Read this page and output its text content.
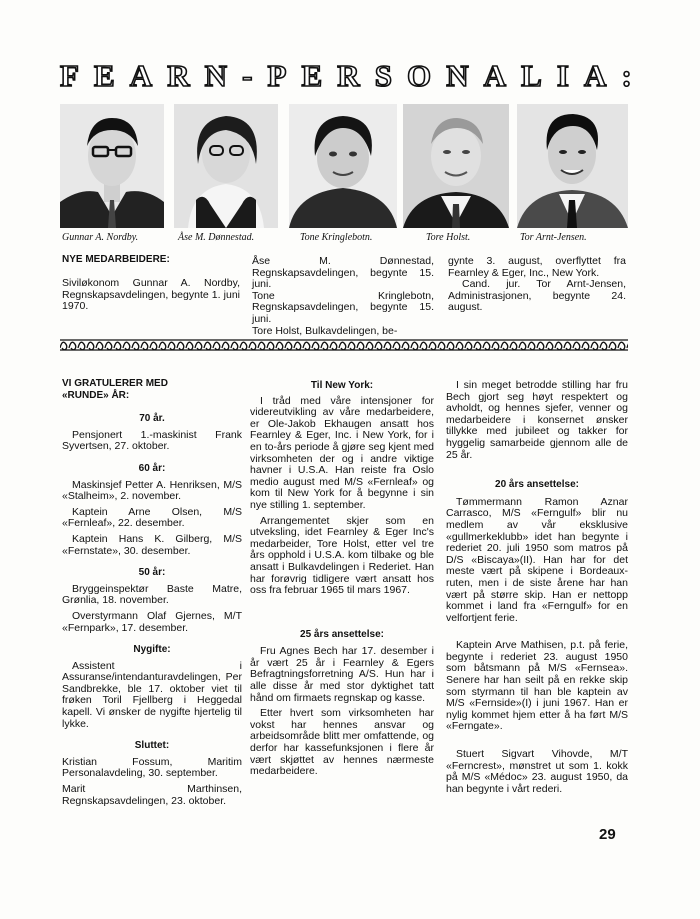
F E A R N - P E R S O N A L I A :
Gunnar A. Nordby.	Åse M. Dønnestad.	Tone Kringlebotn.	Tore Holst.	Tor Arnt-Jensen.
NYE MEDARBEIDERE:
Siviløkonom Gunnar A. Nordby, Regnskapsavdelingen, begynte 1. juni 1970.

Åse M. Dønnestad, Regnskapsavdelingen, begynte 15. juni.

Tone Kringlebotn, Regnskapsavdelingen, begynte 15. juni.

Tore Holst, Bulkavdelingen, be-

gynte 3. august, overflyttet fra Fearnley & Eger, Inc., New York.

Cand. jur. Tor Arnt-Jensen, Administrasjonen, begynte 24. august.

VI GRATULERER MED

«RUNDE» ÅR:

70 år.

Pensjonert 1.-maskinist Frank Syvertsen, 27. oktober.

60 år:

Maskinsjef Petter A. Henriksen, M/S «Stalheim», 2. november.

Kaptein Arne Olsen, M/S «Fernleaf», 22. desember.

Kaptein Hans K. Gilberg, M/S «Fernstate», 30. desember.

50 år:

Bryggeinspektør Baste Matre, Grønlia, 18. november.

Overstyrmann Olaf Gjernes, M/T «Fernpark», 17. desember.

Nygifte:

Assistent i Assuranse/intendanturavdelingen, Per Sandbrekke, ble 17. oktober viet til frøken Toril Fjellberg i Heggedal kapell. Vi ønsker de nygifte hjertelig til lykke.

Sluttet:

Kristian Fossum, Maritim Personalavdeling, 30. september.

Marit Marthinsen, Regnskapsavdelingen, 23. oktober.

Til New York:

I tråd med våre intensjoner for videreutvikling av våre medarbeidere, er Ole-Jakob Ekhaugen ansatt hos Fearnley & Eger, Inc. i New York, for i en to-års periode å gjøre seg kjent med virksomheten der og i andre viktige havner i U.S.A. Han reiste fra Oslo medio august med M/S «Fernleaf» og kom til New York for å begynne i sin nye stilling 1. september.

Arrangementet skjer som en utveksling, idet Fearnley & Eger Inc's medarbeider, Tore Holst, etter vel tre års opphold i U.S.A. kom tilbake og ble ansatt i Bulkavdelingen i Rederiet. Han har forøvrig tidligere vært ansatt hos oss fra februar 1965 til mars 1967.

25 års ansettelse:

Fru Agnes Bech har 17. desember i år vært 25 år i Fearnley & Egers Befragtningsforretning A/S. Hun har i alle disse år med stor dyktighet tatt hånd om firmaets regnskap og kasse.

Etter hvert som virksomheten har vokst har hennes ansvar og arbeidsområde blitt mer omfattende, og derfor har kassefunksjonen i flere år vært skjøttet av hennes nærmeste medarbeidere.

I sin meget betrodde stilling har fru Bech gjort seg høyt respektert og avholdt, og hennes sjefer, venner og medarbeidere i konsernet ønsker tillykke med jubileet og takker for hyggelig samarbeide gjennom alle de 25 år.

20 års ansettelse:

Tømmermann Ramon Aznar Carrasco, M/S «Ferngulf» blir nu medlem av vår eksklusive «gullmerkeklubb» idet han begynte i rederiet 20. juli 1950 som matros på D/S «Biscaya»(II). Han har for det meste vært på skipene i Bordeaux-ruten, men i de siste årene har han vært på større skip. Han er nettopp kommet i land fra «Ferngulf» for en velfortjent ferie.

Kaptein Arve Mathisen, p.t. på ferie, begynte i rederiet 23. august 1950 som båtsmann på M/S «Fernsea». Senere har han seilt på en rekke skip som styrmann til han ble kaptein av M/S «Fernside»(I) i juni 1967. Han er nylig kommet hjem etter å ha ført M/S «Ferngate».

Stuert Sigvart Vihovde, M/T «Ferncrest», mønstret ut som 1. kokk på M/S «Médoc» 23. august 1950, da han begynte i vårt rederi.

29
